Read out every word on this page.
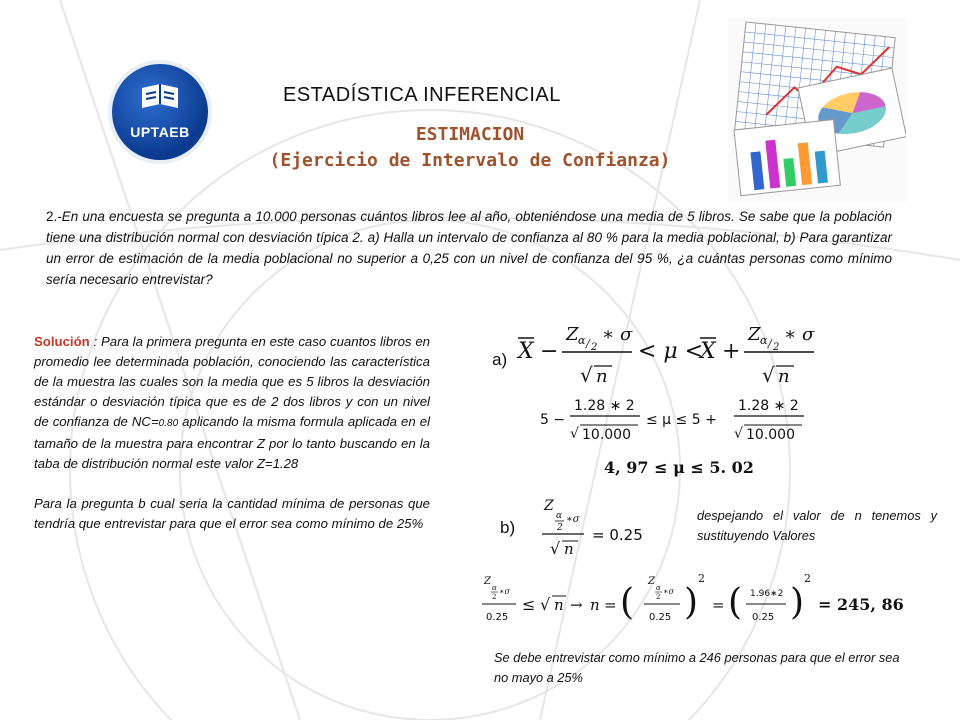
UPTAEB
ESTADÍSTICA INFERENCIAL
ESTIMACION
(Ejercicio de Intervalo de Confianza)
2.-En una encuesta se pregunta a 10.000 personas cuántos libros lee al año, obteniéndose una media de 5 libros. Se sabe que la población tiene una distribución normal con desviación típica 2. a) Halla un intervalo de confianza al 80 % para la media poblacional, b) Para garantizar un error de estimación de la media poblacional no superior a 0,25 con un nivel de confianza del 95 %, ¿a cuántas personas como mínimo sería necesario entrevistar?
Solución : Para la primera pregunta en este caso cuantos libros en promedio lee determinada población, conociendo las característica de la muestra las cuales son la media que es 5 libros la desviación estándar o desviación típica que es de 2 dos libros y con un nivel de confianza de NC=0.80 aplicando la misma formula aplicada en el tamaño de la muestra para encontrar Z por lo tanto buscando en la taba de distribución normal este valor Z=1.28
Para la pregunta b cual seria la cantidad mínima de personas que tendría que entrevistar para que el error sea como mínimo de 25%
a)
b)
X −
Z α / 2
∗ σ
√ n
< μ <
X +
Z α / 2
∗ σ
√ n
5 −
1.28 ∗ 2
√ 10.000
≤ μ ≤ 5 +
1.28 ∗ 2
√ 10.000
4, 97 ≤ μ ≤ 5. 02
Z
α
2
∗σ
√ n
= 0.25
despejando el valor de n tenemos y sustituyendo Valores
Z
α
2
∗σ
0.25
≤ √ n → n = (
Z
α
2
∗σ
0.25 )
2
= ( 1.96∗2
0.25 )
2
= 245, 86
Se debe entrevistar como mínimo a 246 personas para que el error sea no mayo a 25%
